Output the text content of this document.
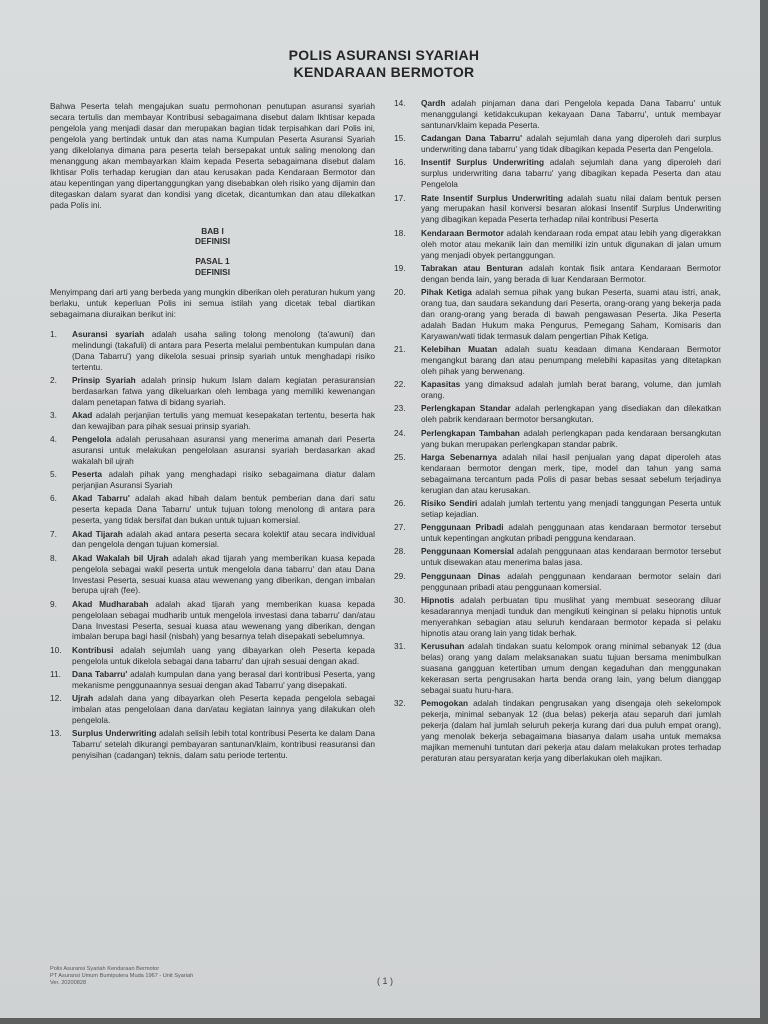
POLIS ASURANSI SYARIAH
KENDARAAN BERMOTOR

Bahwa Peserta telah mengajukan suatu permohonan penutupan asuransi syariah secara tertulis dan membayar Kontribusi sebagaimana disebut dalam Ikhtisar kepada pengelola yang menjadi dasar dan merupakan bagian tidak terpisahkan dari Polis ini, pengelola yang bertindak untuk dan atas nama Kumpulan Peserta Asuransi Syariah yang dikelolanya dimana para peserta telah bersepakat untuk saling menolong dan menanggung akan membayarkan klaim kepada Peserta sebagaimana disebut dalam Ikhtisar Polis terhadap kerugian dan atau kerusakan pada Kendaraan Bermotor dan atau kepentingan yang dipertanggungkan yang disebabkan oleh risiko yang dijamin dan ditegaskan dalam syarat dan kondisi yang dicetak, dicantumkan dan atau dilekatkan pada Polis ini.

BAB I

DEFINISI

PASAL 1

DEFINISI

Menyimpang dari arti yang berbeda yang mungkin diberikan oleh peraturan hukum yang berlaku, untuk keperluan Polis ini semua istilah yang dicetak tebal diartikan sebagaimana diuraikan berikut ini:

1. Asuransi syariah adalah usaha saling tolong menolong (ta'awuni) dan melindungi (takafuli) di antara para Peserta melalui pembentukan kumpulan dana (Dana Tabarru') yang dikelola sesuai prinsip syariah untuk menghadapi risiko tertentu.
2. Prinsip Syariah adalah prinsip hukum Islam dalam kegiatan perasuransian berdasarkan fatwa yang dikeluarkan oleh lembaga yang memiliki kewenangan dalam penetapan fatwa di bidang syariah.
3. Akad adalah perjanjian tertulis yang memuat kesepakatan tertentu, beserta hak dan kewajiban para pihak sesuai prinsip syariah.
4. Pengelola adalah perusahaan asuransi yang menerima amanah dari Peserta asuransi untuk melakukan pengelolaan asuransi syariah berdasarkan akad wakalah bil ujrah
5. Peserta adalah pihak yang menghadapi risiko sebagaimana diatur dalam perjanjian Asuransi Syariah
6. Akad Tabarru' adalah akad hibah dalam bentuk pemberian dana dari satu peserta kepada Dana Tabarru' untuk tujuan tolong menolong di antara para peserta, yang tidak bersifat dan bukan untuk tujuan komersial.
7. Akad Tijarah adalah akad antara peserta secara kolektif atau secara individual dan pengelola dengan tujuan komersial.
8. Akad Wakalah bil Ujrah adalah akad tijarah yang memberikan kuasa kepada pengelola sebagai wakil peserta untuk mengelola dana tabarru' dan atau Dana Investasi Peserta, sesuai kuasa atau wewenang yang diberikan, dengan imbalan berupa ujrah (fee).
9. Akad Mudharabah adalah akad tijarah yang memberikan kuasa kepada pengelolaan sebagai mudharib untuk mengelola investasi dana tabarru' dan/atau Dana Investasi Peserta, sesuai kuasa atau wewenang yang diberikan, dengan imbalan berupa bagi hasil (nisbah) yang besarnya telah disepakati sebelumnya.
10. Kontribusi adalah sejumlah uang yang dibayarkan oleh Peserta kepada pengelola untuk dikelola sebagai dana tabarru' dan ujrah sesuai dengan akad.
11. Dana Tabarru' adalah kumpulan dana yang berasal dari kontribusi Peserta, yang mekanisme penggunaannya sesuai dengan akad Tabarru' yang disepakati.
12. Ujrah adalah dana yang dibayarkan oleh Peserta kepada pengelola sebagai imbalan atas pengelolaan dana dan/atau kegiatan lainnya yang dilakukan oleh pengelola.
13. Surplus Underwriting adalah selisih lebih total kontribusi Peserta ke dalam Dana Tabarru' setelah dikurangi pembayaran santunan/klaim, kontribusi reasuransi dan penyisihan (cadangan) teknis, dalam satu periode tertentu.
14. Qardh adalah pinjaman dana dari Pengelola kepada Dana Tabarru' untuk menanggulangi ketidakcukupan kekayaan Dana Tabarru', untuk membayar santunan/klaim kepada Peserta.
15. Cadangan Dana Tabarru' adalah sejumlah dana yang diperoleh dari surplus underwriting dana tabarru' yang tidak dibagikan kepada Peserta dan Pengelola.
16. Insentif Surplus Underwriting adalah sejumlah dana yang diperoleh dari surplus underwriting dana tabarru' yang dibagikan kepada Peserta dan atau Pengelola
17. Rate Insentif Surplus Underwriting adalah suatu nilai dalam bentuk persen yang merupakan hasil konversi besaran alokasi Insentif Surplus Underwriting yang dibagikan kepada Peserta terhadap nilai kontribusi Peserta
18. Kendaraan Bermotor adalah kendaraan roda empat atau lebih yang digerakkan oleh motor atau mekanik lain dan memiliki izin untuk digunakan di jalan umum yang menjadi obyek pertanggungan.
19. Tabrakan atau Benturan adalah kontak fisik antara Kendaraan Bermotor dengan benda lain, yang berada di luar Kendaraan Bermotor.
20. Pihak Ketiga adalah semua pihak yang bukan Peserta, suami atau istri, anak, orang tua, dan saudara sekandung dari Peserta, orang-orang yang bekerja pada dan orang-orang yang berada di bawah pengawasan Peserta. Jika Peserta adalah Badan Hukum maka Pengurus, Pemegang Saham, Komisaris dan Karyawan/wati tidak termasuk dalam pengertian Pihak Ketiga.
21. Kelebihan Muatan adalah suatu keadaan dimana Kendaraan Bermotor mengangkut barang dan atau penumpang melebihi kapasitas yang ditetapkan oleh pihak yang berwenang.
22. Kapasitas yang dimaksud adalah jumlah berat barang, volume, dan jumlah orang.
23. Perlengkapan Standar adalah perlengkapan yang disediakan dan dilekatkan oleh pabrik kendaraan bermotor bersangkutan.
24. Perlengkapan Tambahan adalah perlengkapan pada kendaraan bersangkutan yang bukan merupakan perlengkapan standar pabrik.
25. Harga Sebenarnya adalah nilai hasil penjualan yang dapat diperoleh atas kendaraan bermotor dengan merk, tipe, model dan tahun yang sama sebagaimana tercantum pada Polis di pasar bebas sesaat sebelum terjadinya kerugian dan atau kerusakan.
26. Risiko Sendiri adalah jumlah tertentu yang menjadi tanggungan Peserta untuk setiap kejadian.
27. Penggunaan Pribadi adalah penggunaan atas kendaraan bermotor tersebut untuk kepentingan angkutan pribadi pengguna kendaraan.
28. Penggunaan Komersial adalah penggunaan atas kendaraan bermotor tersebut untuk disewakan atau menerima balas jasa.
29. Penggunaan Dinas adalah penggunaan kendaraan bermotor selain dari penggunaan pribadi atau penggunaan komersial.
30. Hipnotis adalah perbuatan tipu muslihat yang membuat seseorang diluar kesadarannya menjadi tunduk dan mengikuti keinginan si pelaku hipnotis untuk menyerahkan sebagian atau seluruh kendaraan bermotor kepada si pelaku hipnotis atau orang lain yang tidak berhak.
31. Kerusuhan adalah tindakan suatu kelompok orang minimal sebanyak 12 (dua belas) orang yang dalam melaksanakan suatu tujuan bersama menimbulkan suasana gangguan ketertiban umum dengan kegaduhan dan menggunakan kekerasan serta pengrusakan harta benda orang lain, yang belum dianggap sebagai suatu huru-hara.
32. Pemogokan adalah tindakan pengrusakan yang disengaja oleh sekelompok pekerja, minimal sebanyak 12 (dua belas) pekerja atau separuh dari jumlah pekerja (dalam hal jumlah seluruh pekerja kurang dari dua puluh empat orang), yang menolak bekerja sebagaimana biasanya dalam usaha untuk memaksa majikan memenuhi tuntutan dari pekerja atau dalam melakukan protes terhadap peraturan atau persyaratan kerja yang diberlakukan oleh majikan.
Polis Asuransi Syariah Kendaraan Bermotor
PT Asuransi Umum Bumiputera Muda 1967 - Unit Syariah
Ver. 20200828	( 1 )
